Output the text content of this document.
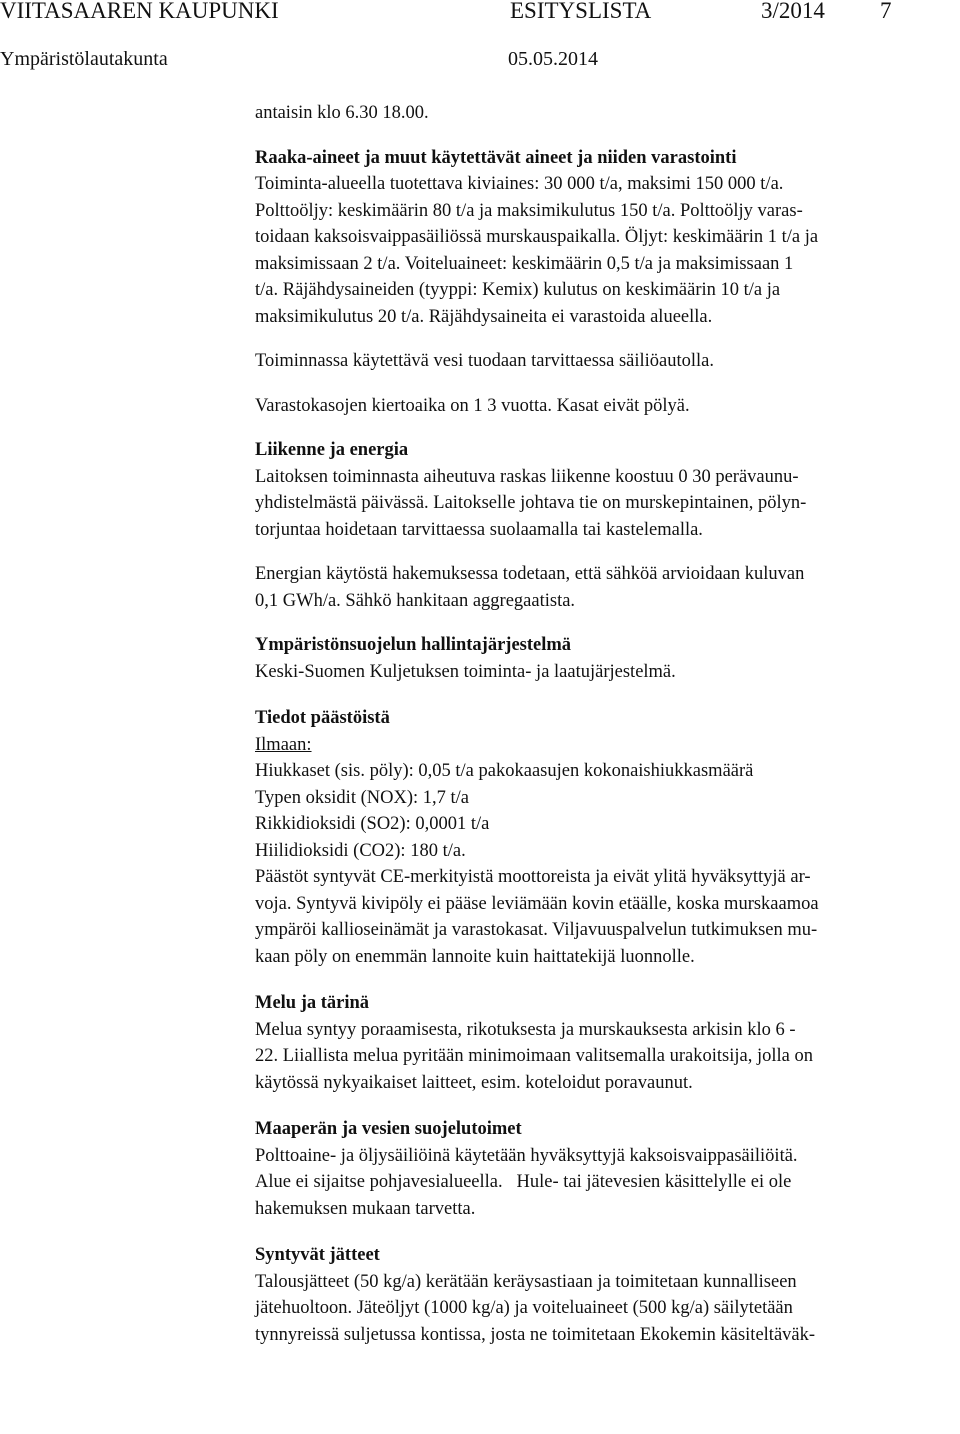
VIITASAAREN KAUPUNKI	ESITYSLISTA	3/2014 7
Ympäristölautakunta	05.05.2014

antaisin klo 6.30 18.00.

Raaka-aineet ja muut käytettävät aineet ja niiden varastointi

Toiminta-alueella tuotettava kiviaines: 30 000 t/a, maksimi 150 000 t/a.

Polttoöljy: keskimäärin 80 t/a ja maksimikulutus 150 t/a. Polttoöljy varas-

toidaan kaksoisvaippasäiliössä murskauspaikalla. Öljyt: keskimäärin 1 t/a ja

maksimissaan 2 t/a. Voiteluaineet: keskimäärin 0,5 t/a ja maksimissaan 1

t/a. Räjähdysaineiden (tyyppi: Kemix) kulutus on keskimäärin 10 t/a ja

maksimikulutus 20 t/a. Räjähdysaineita ei varastoida alueella.

Toiminnassa käytettävä vesi tuodaan tarvittaessa säiliöautolla.

Varastokasojen kiertoaika on 1 3 vuotta. Kasat eivät pölyä.

Liikenne ja energia

Laitoksen toiminnasta aiheutuva raskas liikenne koostuu 0 30 perävaunu-

yhdistelmästä päivässä. Laitokselle johtava tie on murskepintainen, pölyn-

torjuntaa hoidetaan tarvittaessa suolaamalla tai kastelemalla.

Energian käytöstä hakemuksessa todetaan, että sähköä arvioidaan kuluvan

0,1 GWh/a. Sähkö hankitaan aggregaatista.

Ympäristönsuojelun hallintajärjestelmä

Keski-Suomen Kuljetuksen toiminta- ja laatujärjestelmä.

Tiedot päästöistä

Ilmaan:

Hiukkaset (sis. pöly): 0,05 t/a pakokaasujen kokonaishiukkasmäärä

Typen oksidit (NOX): 1,7 t/a

Rikkidioksidi (SO2): 0,0001 t/a

Hiilidioksidi (CO2): 180 t/a.

Päästöt syntyvät CE-merkityistä moottoreista ja eivät ylitä hyväksyttyjä ar-

voja. Syntyvä kivipöly ei pääse leviämään kovin etäälle, koska murskaamoa

ympäröi kallioseinämät ja varastokasat. Viljavuuspalvelun tutkimuksen mu-

kaan pöly on enemmän lannoite kuin haittatekijä luonnolle.

Melu ja tärinä

Melua syntyy poraamisesta, rikotuksesta ja murskauksesta arkisin klo 6 -

22. Liiallista melua pyritään minimoimaan valitsemalla urakoitsija, jolla on

käytössä nykyaikaiset laitteet, esim. koteloidut poravaunut.

Maaperän ja vesien suojelutoimet

Polttoaine- ja öljysäiliöinä käytetään hyväksyttyjä kaksoisvaippasäiliöitä.

Alue ei sijaitse pohjavesialueella.   Hule- tai jätevesien käsittelylle ei ole

hakemuksen mukaan tarvetta.

Syntyvät jätteet

Talousjätteet (50 kg/a) kerätään keräysastiaan ja toimitetaan kunnalliseen

jätehuoltoon. Jäteöljyt (1000 kg/a) ja voiteluaineet (500 kg/a) säilytetään

tynnyreissä suljetussa kontissa, josta ne toimitetaan Ekokemin käsiteltäväk-
